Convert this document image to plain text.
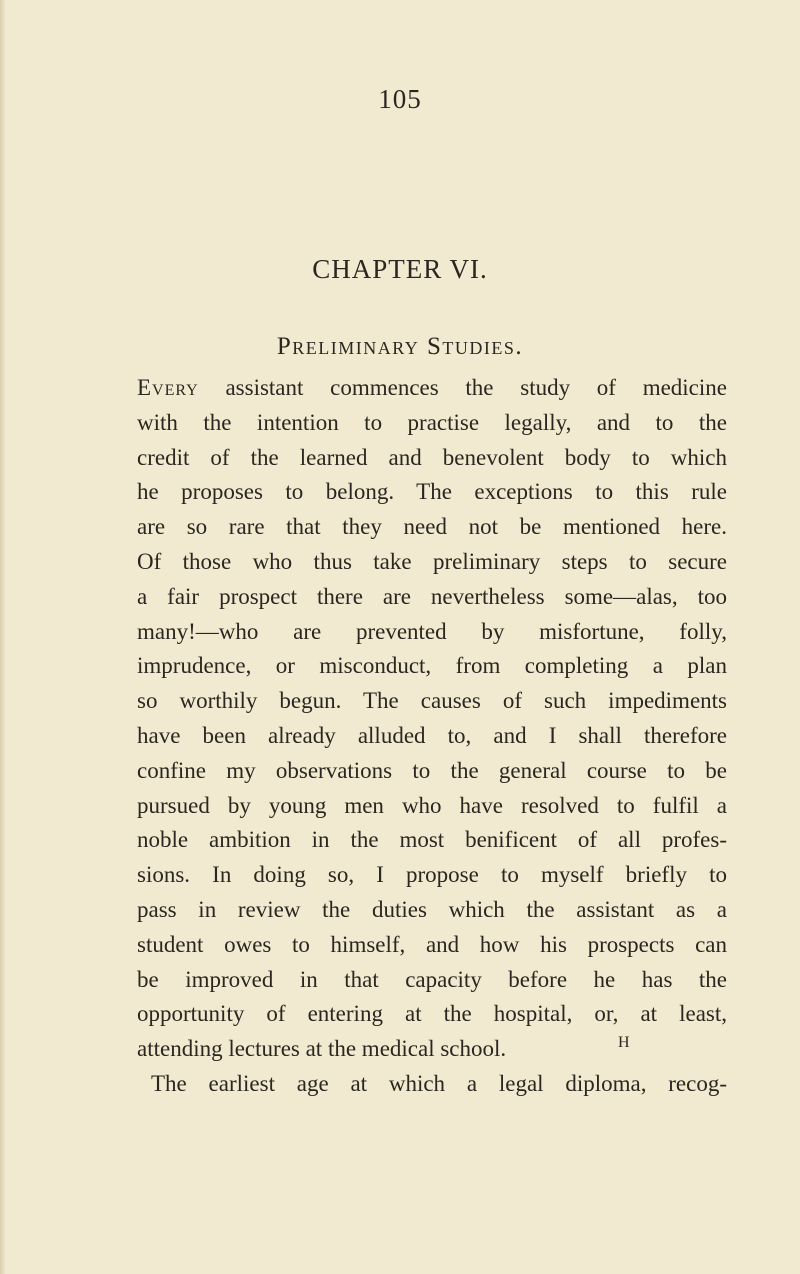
105
CHAPTER VI.
Preliminary Studies.
Every assistant commences the study of medicine
with the intention to practise legally, and to the
credit of the learned and benevolent body to which
he proposes to belong. The exceptions to this rule
are so rare that they need not be mentioned here.
Of those who thus take preliminary steps to secure
a fair prospect there are nevertheless some—alas, too
many!—who are prevented by misfortune, folly,
imprudence, or misconduct, from completing a plan
so worthily begun. The causes of such impediments
have been already alluded to, and I shall therefore
confine my observations to the general course to be
pursued by young men who have resolved to fulfil a
noble ambition in the most benificent of all profes-
sions. In doing so, I propose to myself briefly to
pass in review the duties which the assistant as a
student owes to himself, and how his prospects can
be improved in that capacity before he has the
opportunity of entering at the hospital, or, at least,
attending lectures at the medical school.
The earliest age at which a legal diploma, recog-
H
